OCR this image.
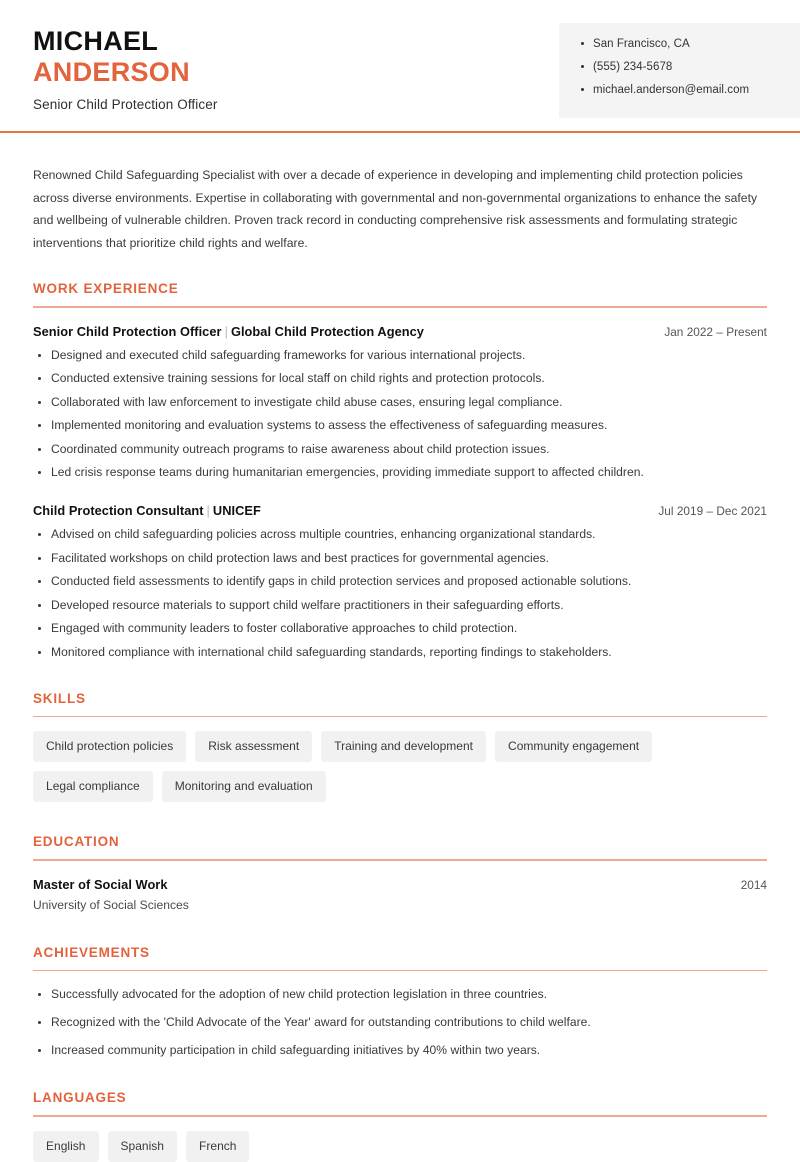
MICHAEL
ANDERSON
Senior Child Protection Officer
San Francisco, CA
(555) 234-5678
michael.anderson@email.com
Renowned Child Safeguarding Specialist with over a decade of experience in developing and implementing child protection policies across diverse environments. Expertise in collaborating with governmental and non-governmental organizations to enhance the safety and wellbeing of vulnerable children. Proven track record in conducting comprehensive risk assessments and formulating strategic interventions that prioritize child rights and welfare.
WORK EXPERIENCE
Senior Child Protection Officer | Global Child Protection Agency	Jan 2022 – Present
Designed and executed child safeguarding frameworks for various international projects.
Conducted extensive training sessions for local staff on child rights and protection protocols.
Collaborated with law enforcement to investigate child abuse cases, ensuring legal compliance.
Implemented monitoring and evaluation systems to assess the effectiveness of safeguarding measures.
Coordinated community outreach programs to raise awareness about child protection issues.
Led crisis response teams during humanitarian emergencies, providing immediate support to affected children.
Child Protection Consultant | UNICEF	Jul 2019 – Dec 2021
Advised on child safeguarding policies across multiple countries, enhancing organizational standards.
Facilitated workshops on child protection laws and best practices for governmental agencies.
Conducted field assessments to identify gaps in child protection services and proposed actionable solutions.
Developed resource materials to support child welfare practitioners in their safeguarding efforts.
Engaged with community leaders to foster collaborative approaches to child protection.
Monitored compliance with international child safeguarding standards, reporting findings to stakeholders.
SKILLS
Child protection policies	Risk assessment	Training and development	Community engagement
Legal compliance	Monitoring and evaluation
EDUCATION
Master of Social Work	2014
University of Social Sciences
ACHIEVEMENTS
Successfully advocated for the adoption of new child protection legislation in three countries.
Recognized with the 'Child Advocate of the Year' award for outstanding contributions to child welfare.
Increased community participation in child safeguarding initiatives by 40% within two years.
LANGUAGES
English	Spanish	French
